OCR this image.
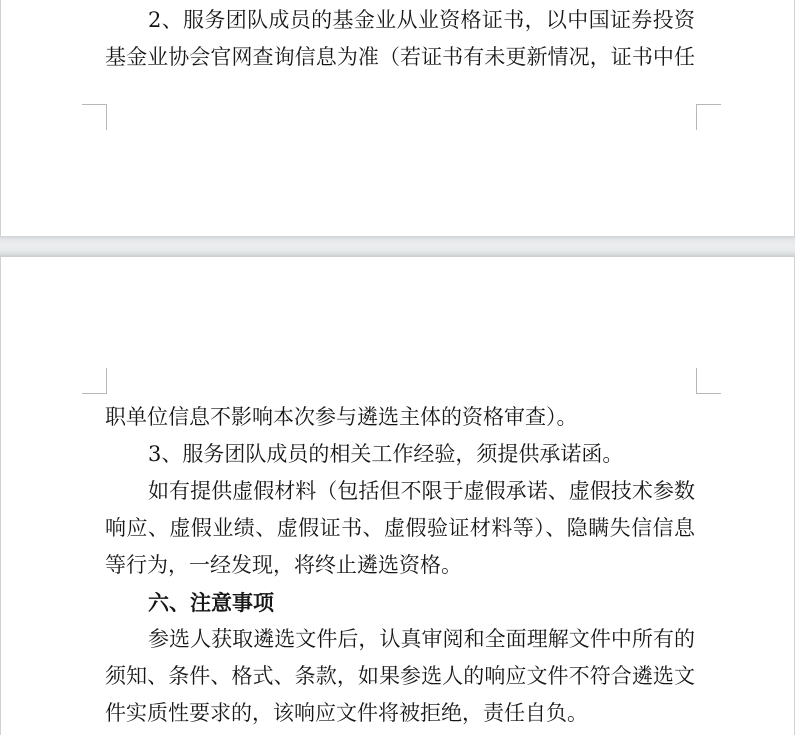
2、服务团队成员的基金业从业资格证书，以中国证券投资
基金业协会官网查询信息为准（若证书有未更新情况，证书中任
职单位信息不影响本次参与遴选主体的资格审查）。
3、服务团队成员的相关工作经验，须提供承诺函。
如有提供虚假材料（包括但不限于虚假承诺、虚假技术参数
响应、虚假业绩、虚假证书、虚假验证材料等）、隐瞒失信信息
等行为，一经发现，将终止遴选资格。
六、注意事项
参选人获取遴选文件后，认真审阅和全面理解文件中所有的
须知、条件、格式、条款，如果参选人的响应文件不符合遴选文
件实质性要求的，该响应文件将被拒绝，责任自负。
